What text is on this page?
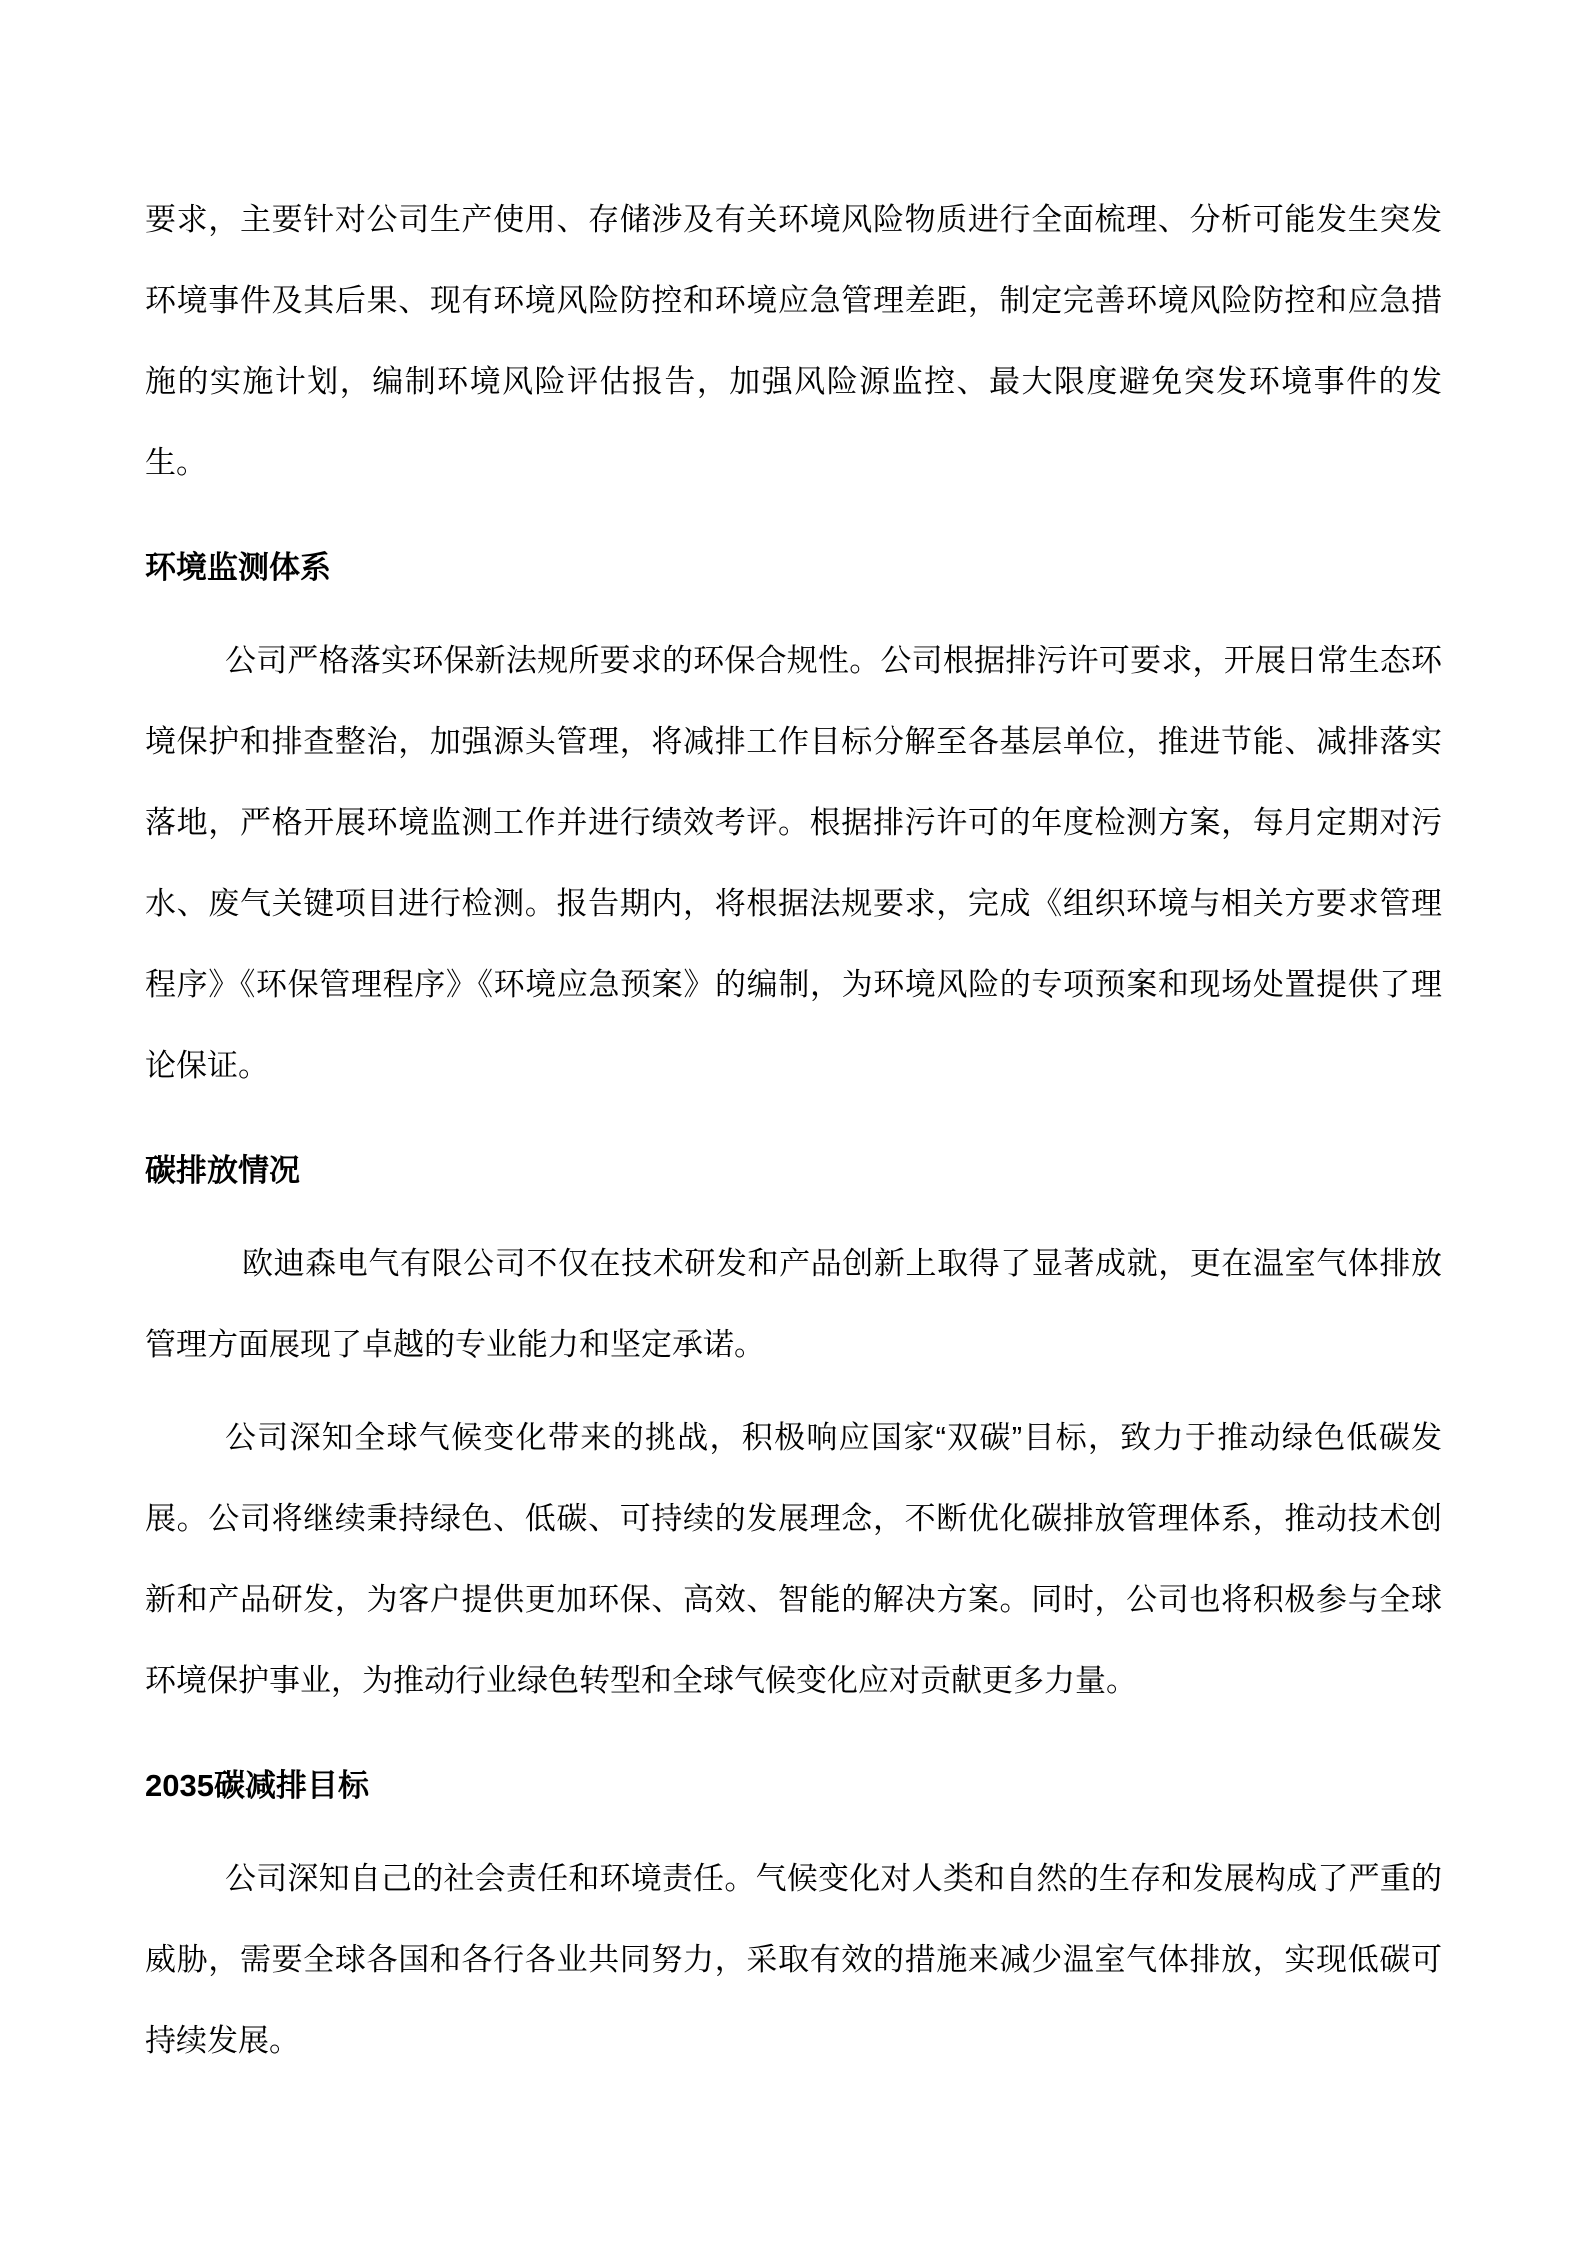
要求，主要针对公司生产使用、存储涉及有关环境风险物质进行全面梳理、分析可能发生突发环境事件及其后果、现有环境风险防控和环境应急管理差距，制定完善环境风险防控和应急措施的实施计划，编制环境风险评估报告，加强风险源监控、最大限度避免突发环境事件的发生。

环境监测体系

公司严格落实环保新法规所要求的环保合规性。公司根据排污许可要求，开展日常生态环境保护和排查整治，加强源头管理，将减排工作目标分解至各基层单位，推进节能、减排落实落地，严格开展环境监测工作并进行绩效考评。根据排污许可的年度检测方案，每月定期对污水、废气关键项目进行检测。报告期内，将根据法规要求，完成《组织环境与相关方要求管理程序》《环保管理程序》《环境应急预案》的编制，为环境风险的专项预案和现场处置提供了理论保证。

碳排放情况

欧迪森电气有限公司不仅在技术研发和产品创新上取得了显著成就，更在温室气体排放管理方面展现了卓越的专业能力和坚定承诺。

公司深知全球气候变化带来的挑战，积极响应国家“双碳”目标，致力于推动绿色低碳发展。公司将继续秉持绿色、低碳、可持续的发展理念，不断优化碳排放管理体系，推动技术创新和产品研发，为客户提供更加环保、高效、智能的解决方案。同时，公司也将积极参与全球环境保护事业，为推动行业绿色转型和全球气候变化应对贡献更多力量。

2035碳减排目标

公司深知自己的社会责任和环境责任。气候变化对人类和自然的生存和发展构成了严重的威胁，需要全球各国和各行各业共同努力，采取有效的措施来减少温室气体排放，实现低碳可持续发展。
